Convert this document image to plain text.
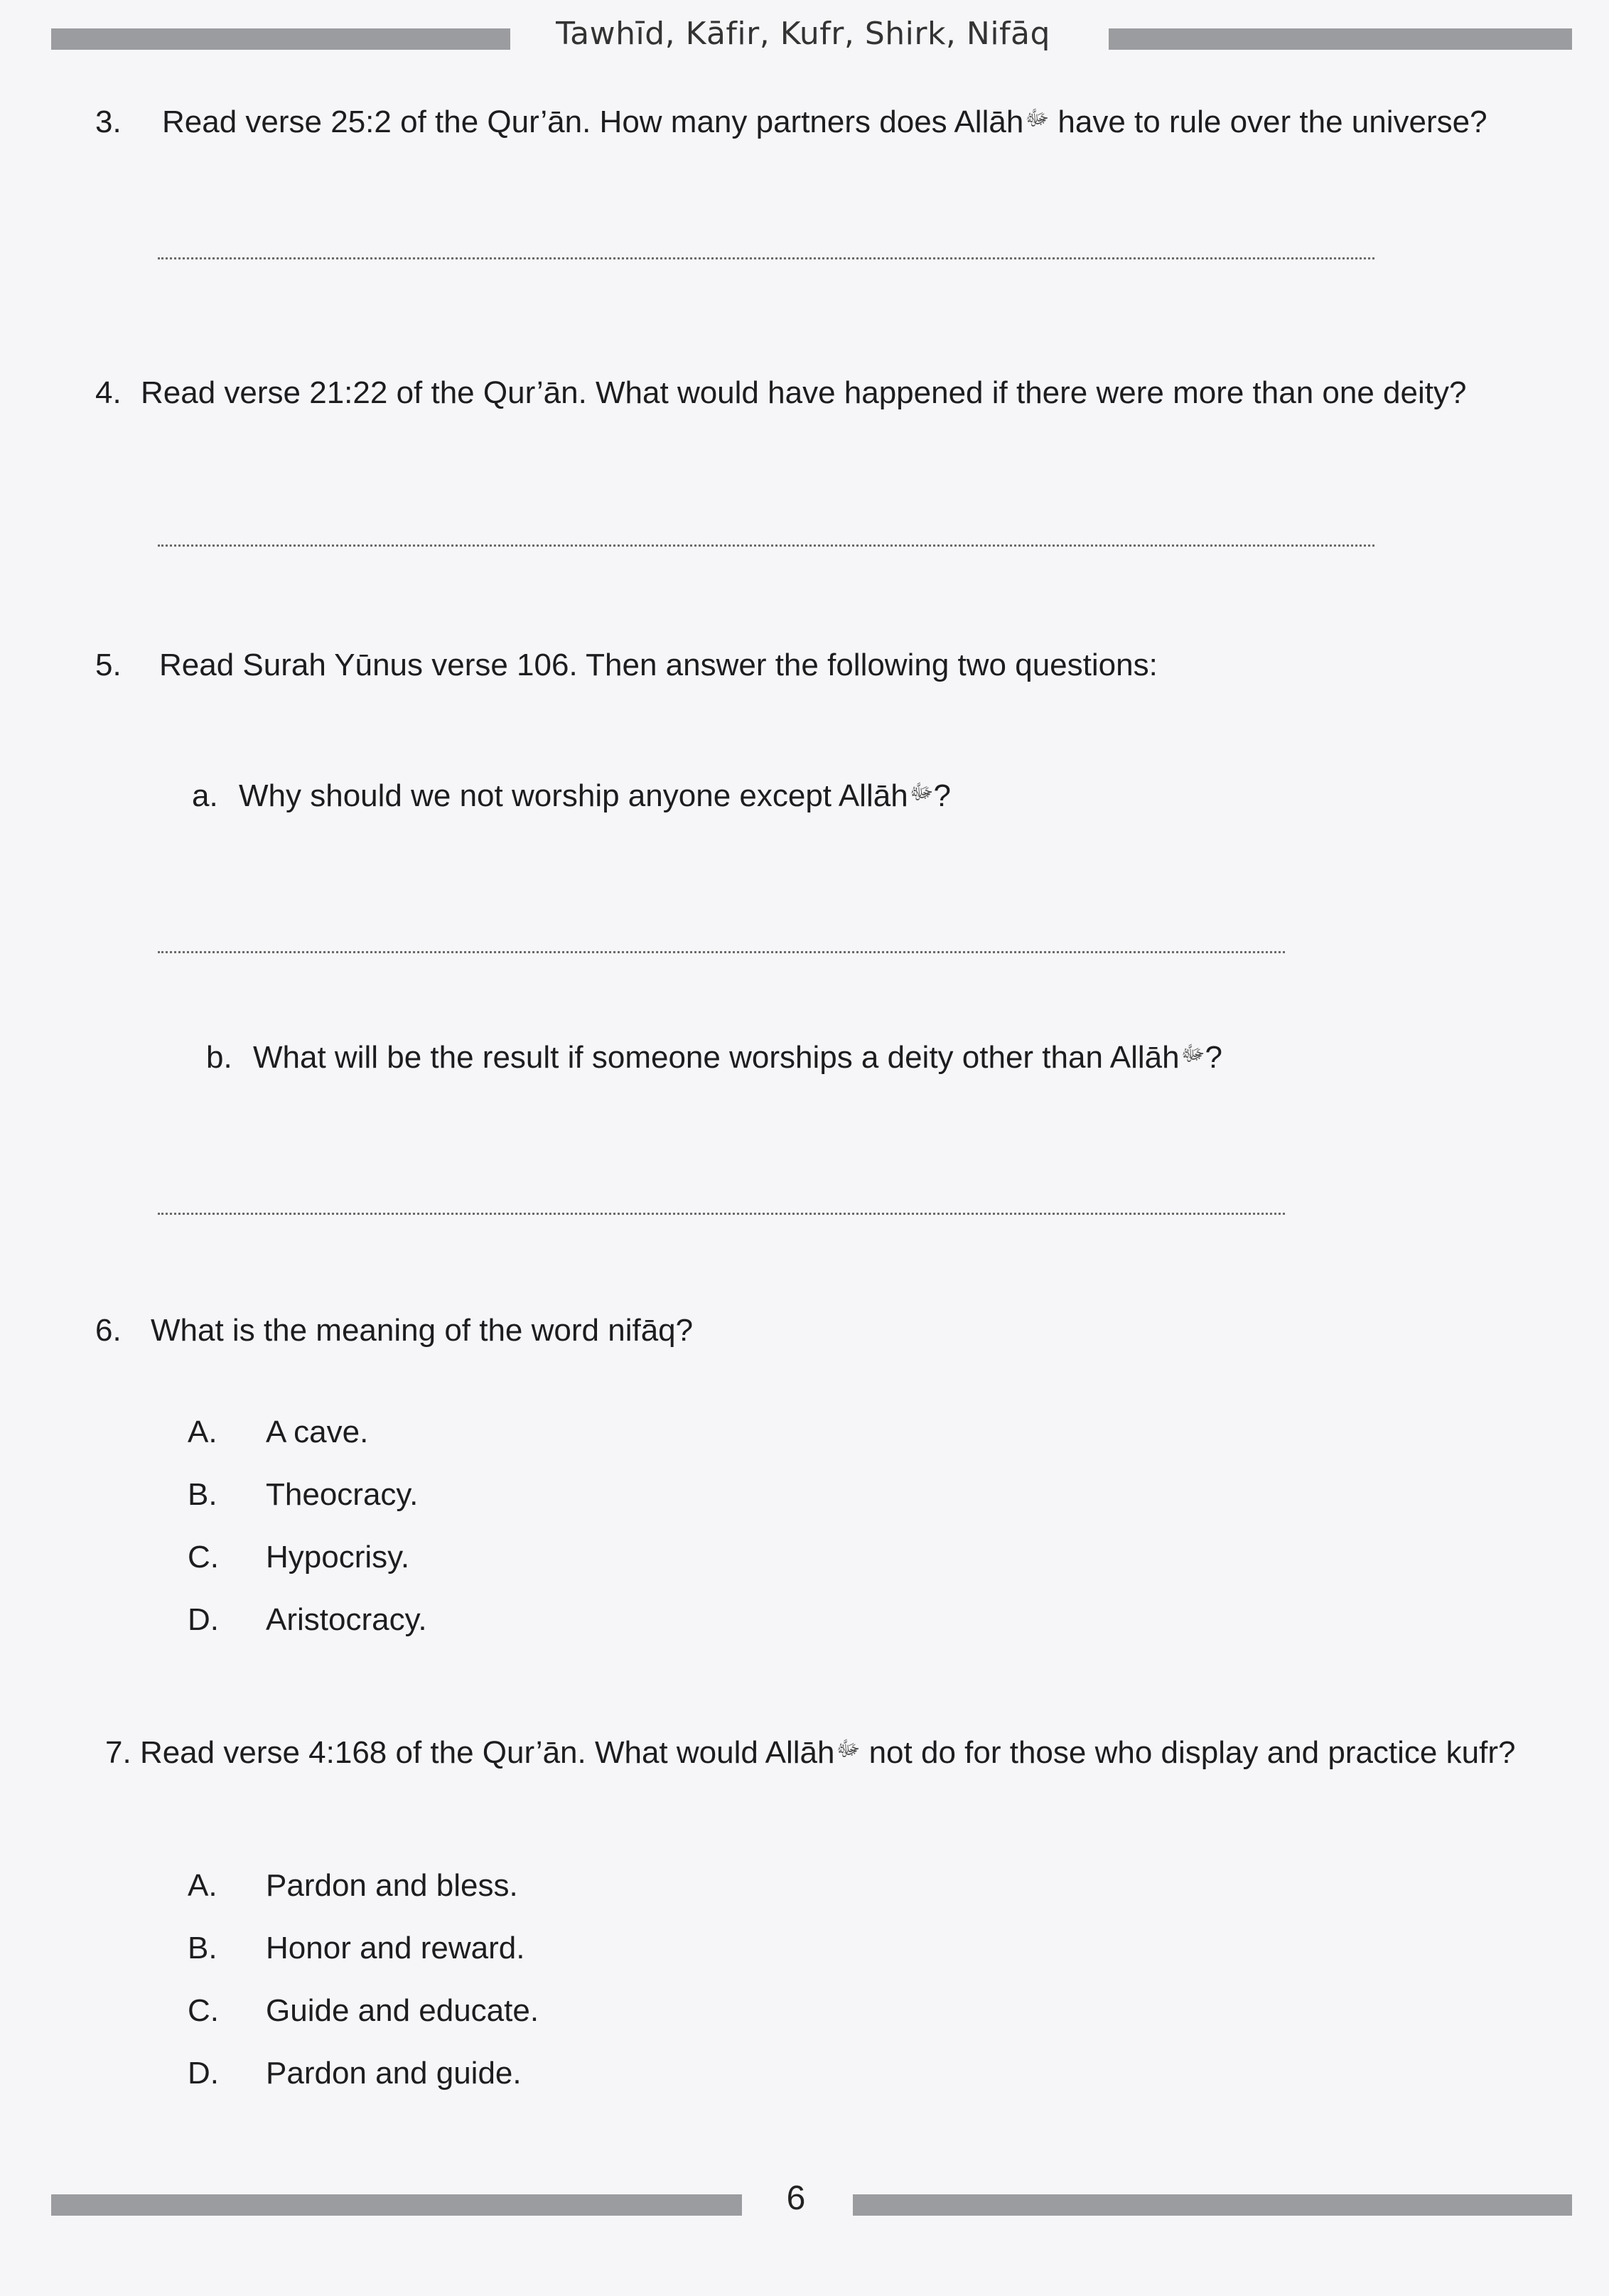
Tawhīd, Kāfir, Kufr, Shirk, Nifāq
3. Read verse 25:2 of the Qur’ān. How many partners does Allāhﷻ have to rule over the universe?
4. Read verse 21:22 of the Qur’ān. What would have happened if there were more than one deity?
5. Read Surah Yūnus verse 106. Then answer the following two questions:
a. Why should we not worship anyone except Allāhﷻ?
b. What will be the result if someone worships a deity other than Allāhﷻ?
6. What is the meaning of the word nifāq?
A. A cave.
B. Theocracy.
C. Hypocrisy.
D. Aristocracy.
7. Read verse 4:168 of the Qur’ān. What would Allāhﷻ not do for those who display and practice kufr?
A. Pardon and bless.
B. Honor and reward.
C. Guide and educate.
D. Pardon and guide.
6
